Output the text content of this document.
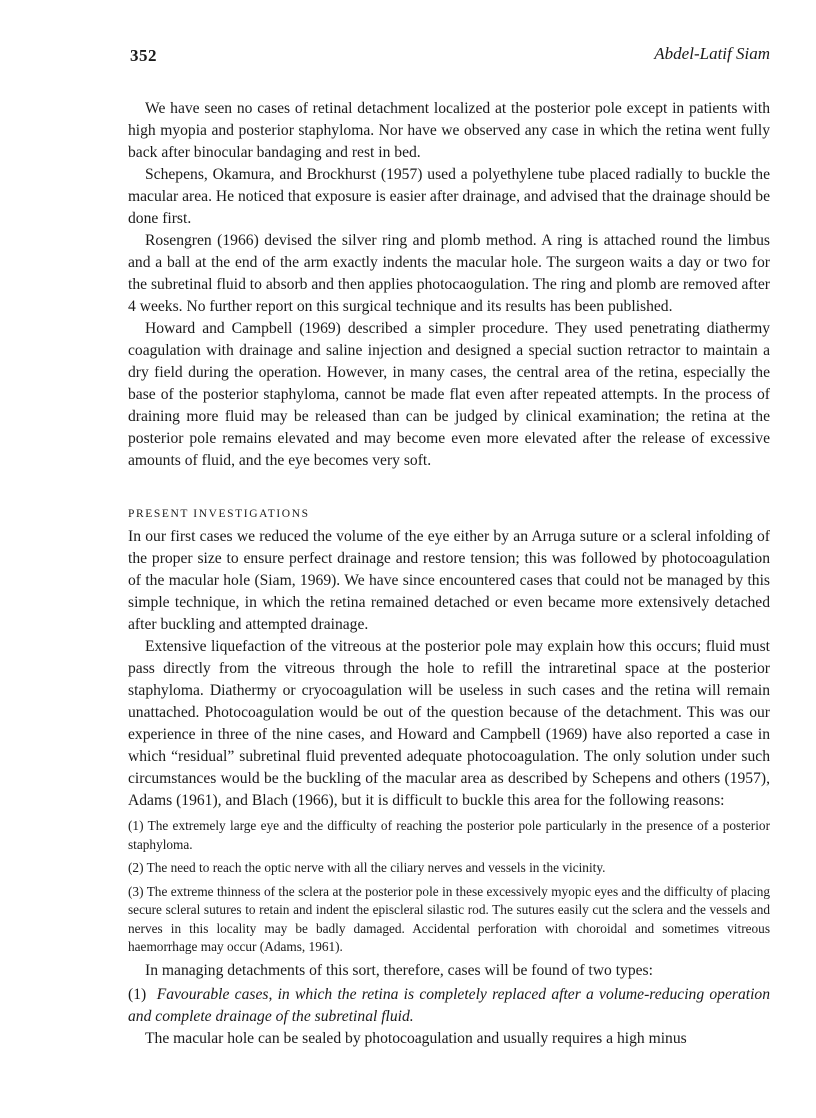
352	Abdel-Latif Siam

We have seen no cases of retinal detachment localized at the posterior pole except in patients with high myopia and posterior staphyloma. Nor have we observed any case in which the retina went fully back after binocular bandaging and rest in bed.

Schepens, Okamura, and Brockhurst (1957) used a polyethylene tube placed radially to buckle the macular area. He noticed that exposure is easier after drainage, and advised that the drainage should be done first.

Rosengren (1966) devised the silver ring and plomb method. A ring is attached round the limbus and a ball at the end of the arm exactly indents the macular hole. The surgeon waits a day or two for the subretinal fluid to absorb and then applies photocaogulation. The ring and plomb are removed after 4 weeks. No further report on this surgical technique and its results has been published.

Howard and Campbell (1969) described a simpler procedure. They used penetrating diathermy coagulation with drainage and saline injection and designed a special suction retractor to maintain a dry field during the operation. However, in many cases, the central area of the retina, especially the base of the posterior staphyloma, cannot be made flat even after repeated attempts. In the process of draining more fluid may be released than can be judged by clinical examination; the retina at the posterior pole remains elevated and may become even more elevated after the release of excessive amounts of fluid, and the eye becomes very soft.

PRESENT INVESTIGATIONS

In our first cases we reduced the volume of the eye either by an Arruga suture or a scleral infolding of the proper size to ensure perfect drainage and restore tension; this was followed by photocoagulation of the macular hole (Siam, 1969). We have since encountered cases that could not be managed by this simple technique, in which the retina remained detached or even became more extensively detached after buckling and attempted drainage.

Extensive liquefaction of the vitreous at the posterior pole may explain how this occurs; fluid must pass directly from the vitreous through the hole to refill the intraretinal space at the posterior staphyloma. Diathermy or cryocoagulation will be useless in such cases and the retina will remain unattached. Photocoagulation would be out of the question because of the detachment. This was our experience in three of the nine cases, and Howard and Campbell (1969) have also reported a case in which “residual” subretinal fluid prevented adequate photocoagulation. The only solution under such circumstances would be the buckling of the macular area as described by Schepens and others (1957), Adams (1961), and Blach (1966), but it is difficult to buckle this area for the following reasons:

(1) The extremely large eye and the difficulty of reaching the posterior pole particularly in the presence of a posterior staphyloma.

(2) The need to reach the optic nerve with all the ciliary nerves and vessels in the vicinity.

(3) The extreme thinness of the sclera at the posterior pole in these excessively myopic eyes and the difficulty of placing secure scleral sutures to retain and indent the episcleral silastic rod. The sutures easily cut the sclera and the vessels and nerves in this locality may be badly damaged. Accidental perforation with choroidal and sometimes vitreous haemorrhage may occur (Adams, 1961).

In managing detachments of this sort, therefore, cases will be found of two types:

(1) Favourable cases, in which the retina is completely replaced after a volume-reducing operation and complete drainage of the subretinal fluid.

The macular hole can be sealed by photocoagulation and usually requires a high minus
